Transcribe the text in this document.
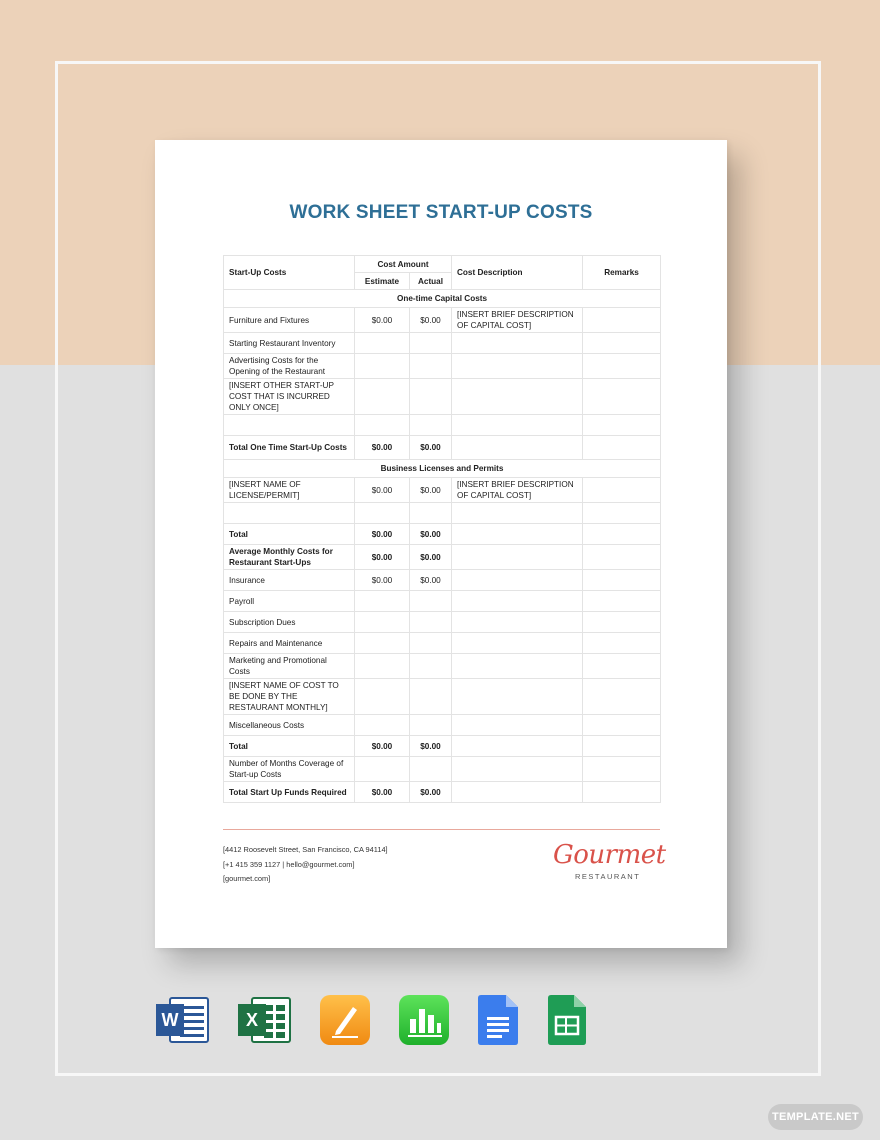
WORK SHEET START-UP COSTS
Start-Up Costs	Cost Amount		Cost Description	Remarks
	Estimate	Actual		
One-time Capital Costs				
Furniture and Fixtures	$0.00	$0.00	[INSERT BRIEF DESCRIPTION OF CAPITAL COST]	
Starting Restaurant Inventory				
Advertising Costs for the Opening of the Restaurant				
[INSERT OTHER START-UP COST THAT IS INCURRED ONLY ONCE]				

Total One Time Start-Up Costs	$0.00	$0.00		
Business Licenses and Permits				
[INSERT NAME OF LICENSE/PERMIT]	$0.00	$0.00	[INSERT BRIEF DESCRIPTION OF CAPITAL COST]	

Total	$0.00	$0.00		
Average Monthly Costs for Restaurant Start-Ups	$0.00	$0.00		
Insurance	$0.00	$0.00		
Payroll				
Subscription Dues				
Repairs and Maintenance				
Marketing and Promotional Costs				
[INSERT NAME OF COST TO BE DONE BY THE RESTAURANT MONTHLY]				
Miscellaneous Costs				
Total	$0.00	$0.00		
Number of Months Coverage of Start-up Costs				
Total Start Up Funds Required	$0.00	$0.00		
[4412 Roosevelt Street, San Francisco, CA 94114]
[+1 415 359 1127 | hello@gourmet.com]
[gourmet.com]
Gourmet
RESTAURANT
W	X
TEMPLATE.NET
